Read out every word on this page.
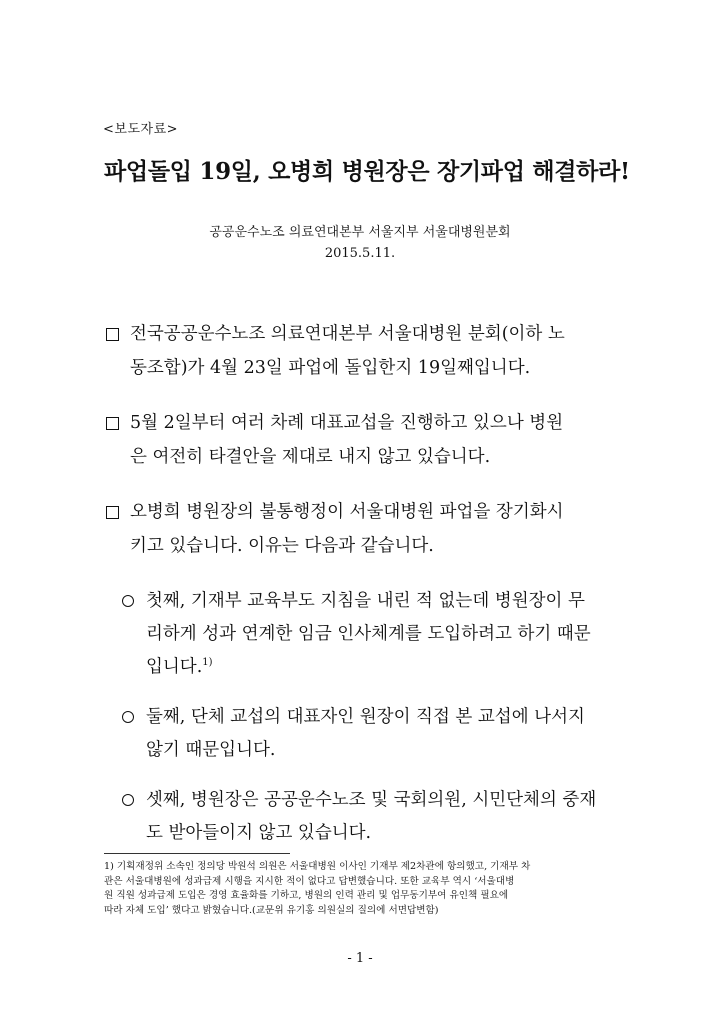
<보도자료>
파업돌입 19일, 오병희 병원장은 장기파업 해결하라!
공공운수노조 의료연대본부 서울지부 서울대병원분회
2015.5.11.
전국공공운수노조 의료연대본부 서울대병원 분회(이하 노
동조합)가 4월 23일 파업에 돌입한지 19일째입니다.
5월 2일부터 여러 차례 대표교섭을 진행하고 있으나 병원
은 여전히 타결안을 제대로 내지 않고 있습니다.
오병희 병원장의 불통행정이 서울대병원 파업을 장기화시
키고 있습니다. 이유는 다음과 같습니다.
첫째, 기재부 교육부도 지침을 내린 적 없는데 병원장이 무
리하게 성과 연계한 임금 인사체계를 도입하려고 하기 때문
입니다.$^{1)}$
둘째, 단체 교섭의 대표자인 원장이 직접 본 교섭에 나서지
않기 때문입니다.
셋째, 병원장은 공공운수노조 및 국회의원, 시민단체의 중재
도 받아들이지 않고 있습니다.
1) 기획재정위 소속인 정의당 박원석 의원은 서울대병원 이사인 기재부 제2차관에 항의했고, 기재부 차
관은 서울대병원에 성과급제 시행을 지시한 적이 없다고 답변했습니다. 또한 교육부 역시 ‘서울대병
원 직원 성과급제 도입은 경영 효율화를 기하고, 병원의 인력 관리 및 업무동기부여 유인책 필요에
따라 자체 도입’ 했다고 밝혔습니다.(교문위 유기홍 의원실의 질의에 서면답변함)
- 1 -
